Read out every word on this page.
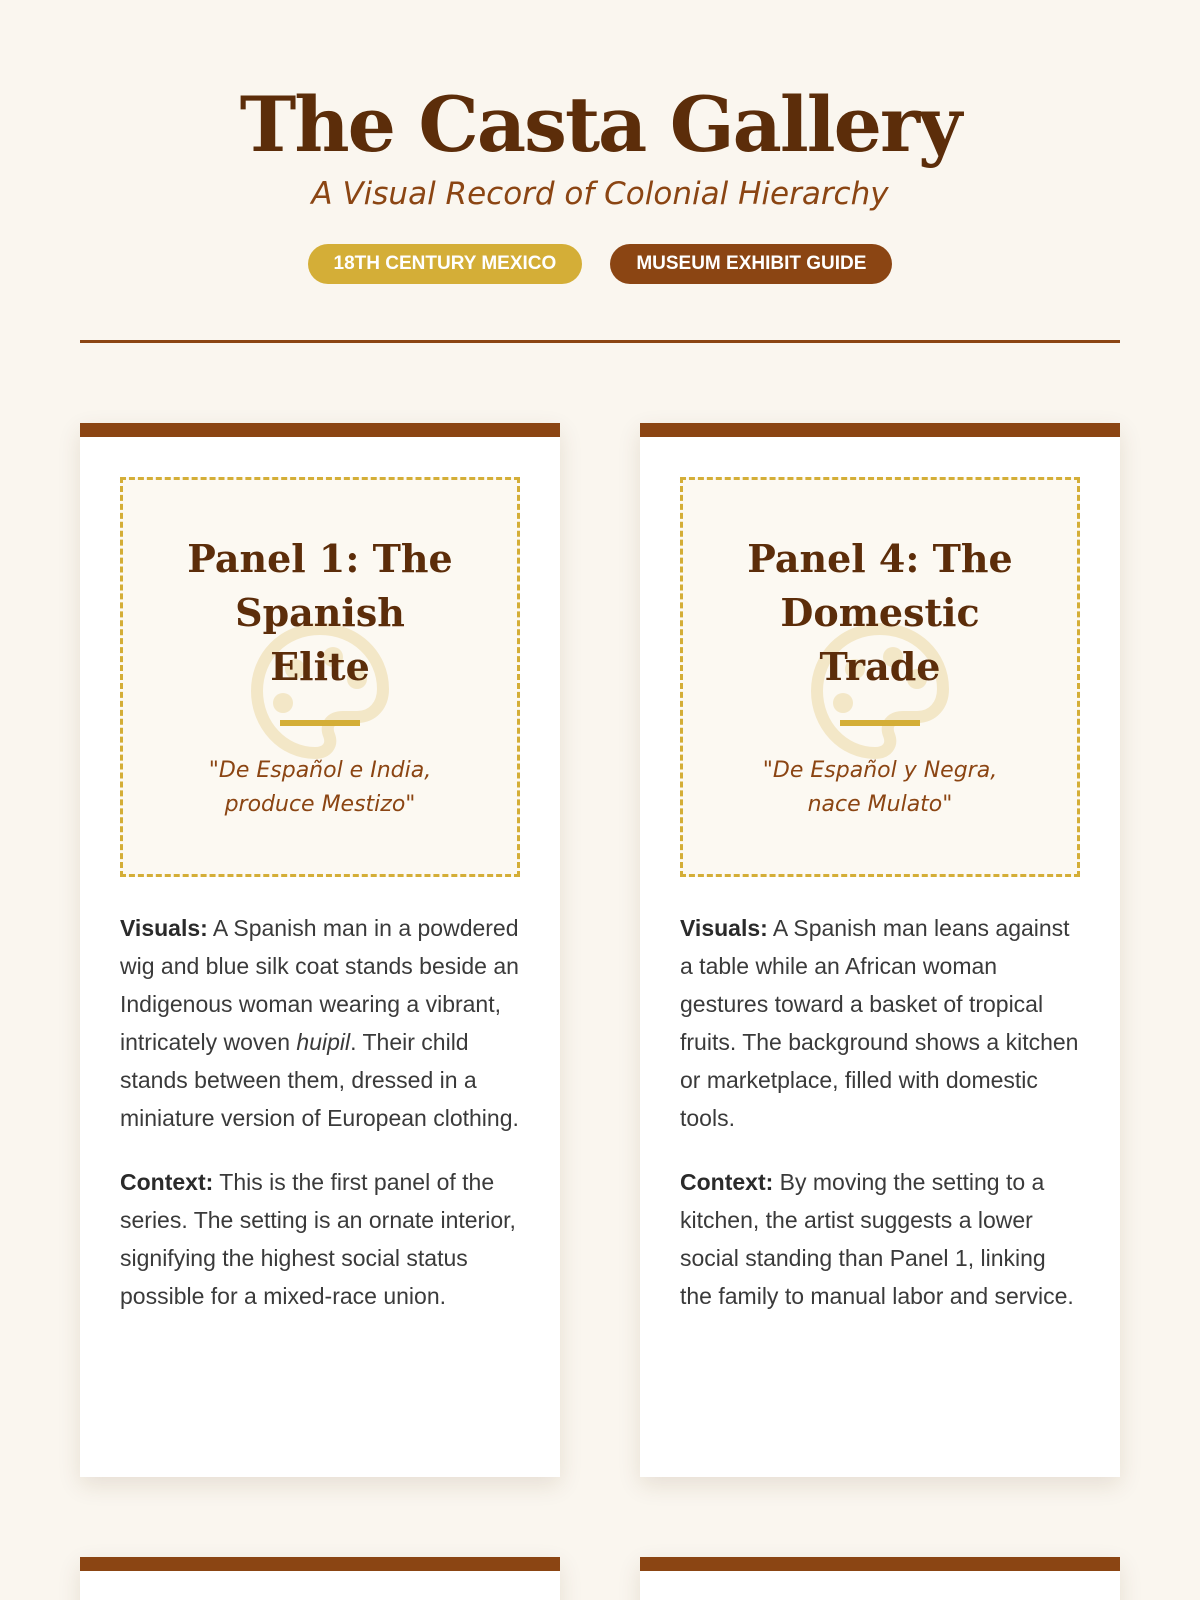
The Casta Gallery
A Visual Record of Colonial Hierarchy
18TH CENTURY MEXICO	MUSEUM EXHIBIT GUIDE
Panel 1: The Spanish Elite
"De Español e India, produce Mestizo"

Visuals: A Spanish man in a powdered wig and blue silk coat stands beside an Indigenous woman wearing a vibrant, intricately woven huipil. Their child stands between them, dressed in a miniature version of European clothing.

Context: This is the first panel of the series. The setting is an ornate interior, signifying the highest social status possible for a mixed-race union.

Panel 4: The Domestic Trade
"De Español y Negra, nace Mulato"

Visuals: A Spanish man leans against a table while an African woman gestures toward a basket of tropical fruits. The background shows a kitchen or marketplace, filled with domestic tools.

Context: By moving the setting to a kitchen, the artist suggests a lower social standing than Panel 1, linking the family to manual labor and service.
